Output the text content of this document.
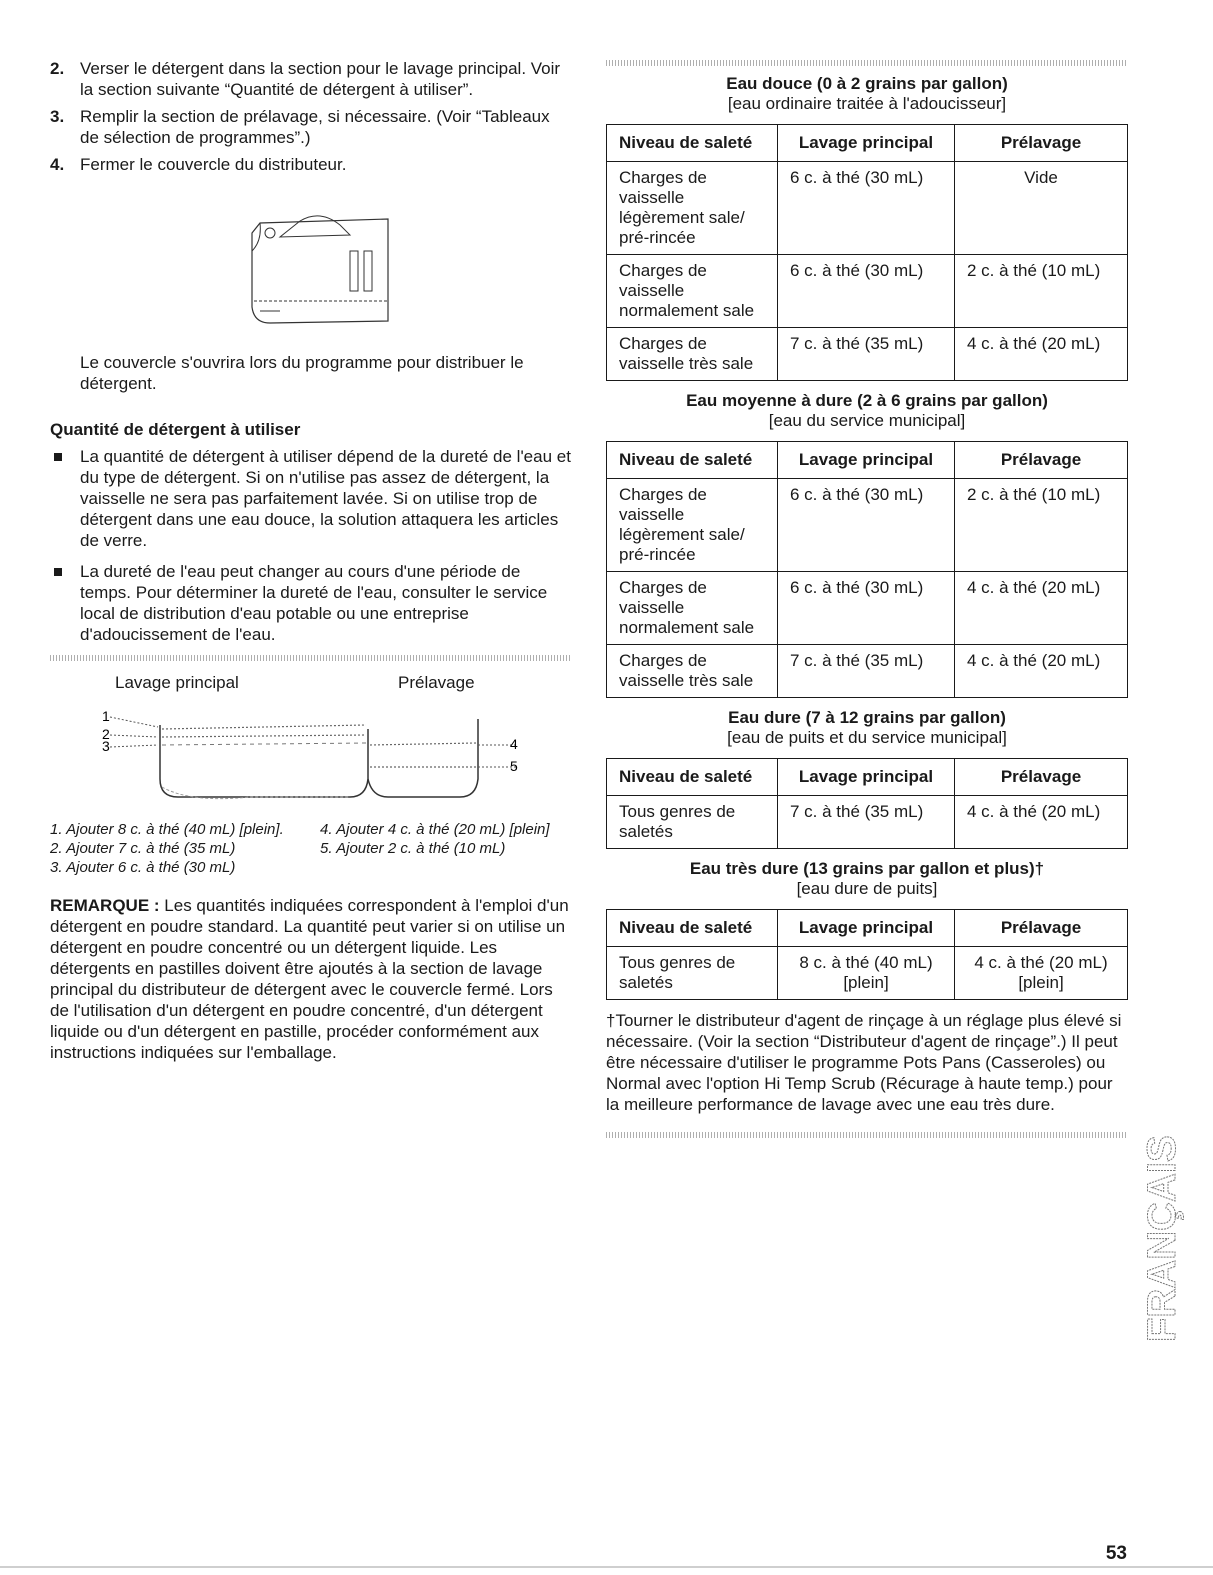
2. Verser le détergent dans la section pour le lavage principal. Voir la section suivante “Quantité de détergent à utiliser”.
3. Remplir la section de prélavage, si nécessaire. (Voir “Tableaux de sélection de programmes”.)
4. Fermer le couvercle du distributeur.

Le couvercle s'ouvrira lors du programme pour distribuer le détergent.

Quantité de détergent à utiliser
La quantité de détergent à utiliser dépend de la dureté de l'eau et du type de détergent. Si on n'utilise pas assez de détergent, la vaisselle ne sera pas parfaitement lavée. Si on utilise trop de détergent dans une eau douce, la solution attaquera les articles de verre.
La dureté de l'eau peut changer au cours d'une période de temps. Pour déterminer la dureté de l'eau, consulter le service local de distribution d'eau potable ou une entreprise d'adoucissement de l'eau.
Lavage principal	Prélavage
1
2
3	4
5
1. Ajouter 8 c. à thé (40 mL) [plein].
2. Ajouter 7 c. à thé (35 mL)
3. Ajouter 6 c. à thé (30 mL)
4. Ajouter 4 c. à thé (20 mL) [plein]
5. Ajouter 2 c. à thé (10 mL)

REMARQUE : Les quantités indiquées correspondent à l'emploi d'un détergent en poudre standard. La quantité peut varier si on utilise un détergent en poudre concentré ou un détergent liquide. Les détergents en pastilles doivent être ajoutés à la section de lavage principal du distributeur de détergent avec le couvercle fermé. Lors de l'utilisation d'un détergent en poudre concentré, d'un détergent liquide ou d'un détergent en pastille, procéder conformément aux instructions indiquées sur l'emballage.

Eau douce (0 à 2 grains par gallon)
[eau ordinaire traitée à l'adoucisseur]
Niveau de saleté	Lavage principal	Prélavage
Charges de vaisselle légèrement sale/ pré-rincée	6 c. à thé (30 mL)	Vide
Charges de vaisselle normalement sale	6 c. à thé (30 mL)	2 c. à thé (10 mL)
Charges de vaisselle très sale	7 c. à thé (35 mL)	4 c. à thé (20 mL)
Eau moyenne à dure (2 à 6 grains par gallon)
[eau du service municipal]
Niveau de saleté	Lavage principal	Prélavage
Charges de vaisselle légèrement sale/ pré-rincée	6 c. à thé (30 mL)	2 c. à thé (10 mL)
Charges de vaisselle normalement sale	6 c. à thé (30 mL)	4 c. à thé (20 mL)
Charges de vaisselle très sale	7 c. à thé (35 mL)	4 c. à thé (20 mL)
Eau dure (7 à 12 grains par gallon)
[eau de puits et du service municipal]
Niveau de saleté	Lavage principal	Prélavage
Tous genres de saletés	7 c. à thé (35 mL)	4 c. à thé (20 mL)
Eau très dure (13 grains par gallon et plus)†
[eau dure de puits]
Niveau de saleté	Lavage principal	Prélavage
Tous genres de saletés	8 c. à thé (40 mL) [plein]	4 c. à thé (20 mL) [plein]

†Tourner le distributeur d'agent de rinçage à un réglage plus élevé si nécessaire. (Voir la section “Distributeur d'agent de rinçage”.) Il peut être nécessaire d'utiliser le programme Pots Pans (Casseroles) ou Normal avec l'option Hi Temp Scrub (Récurage à haute temp.) pour la meilleure performance de lavage avec une eau très dure.

FRANÇAIS
53
